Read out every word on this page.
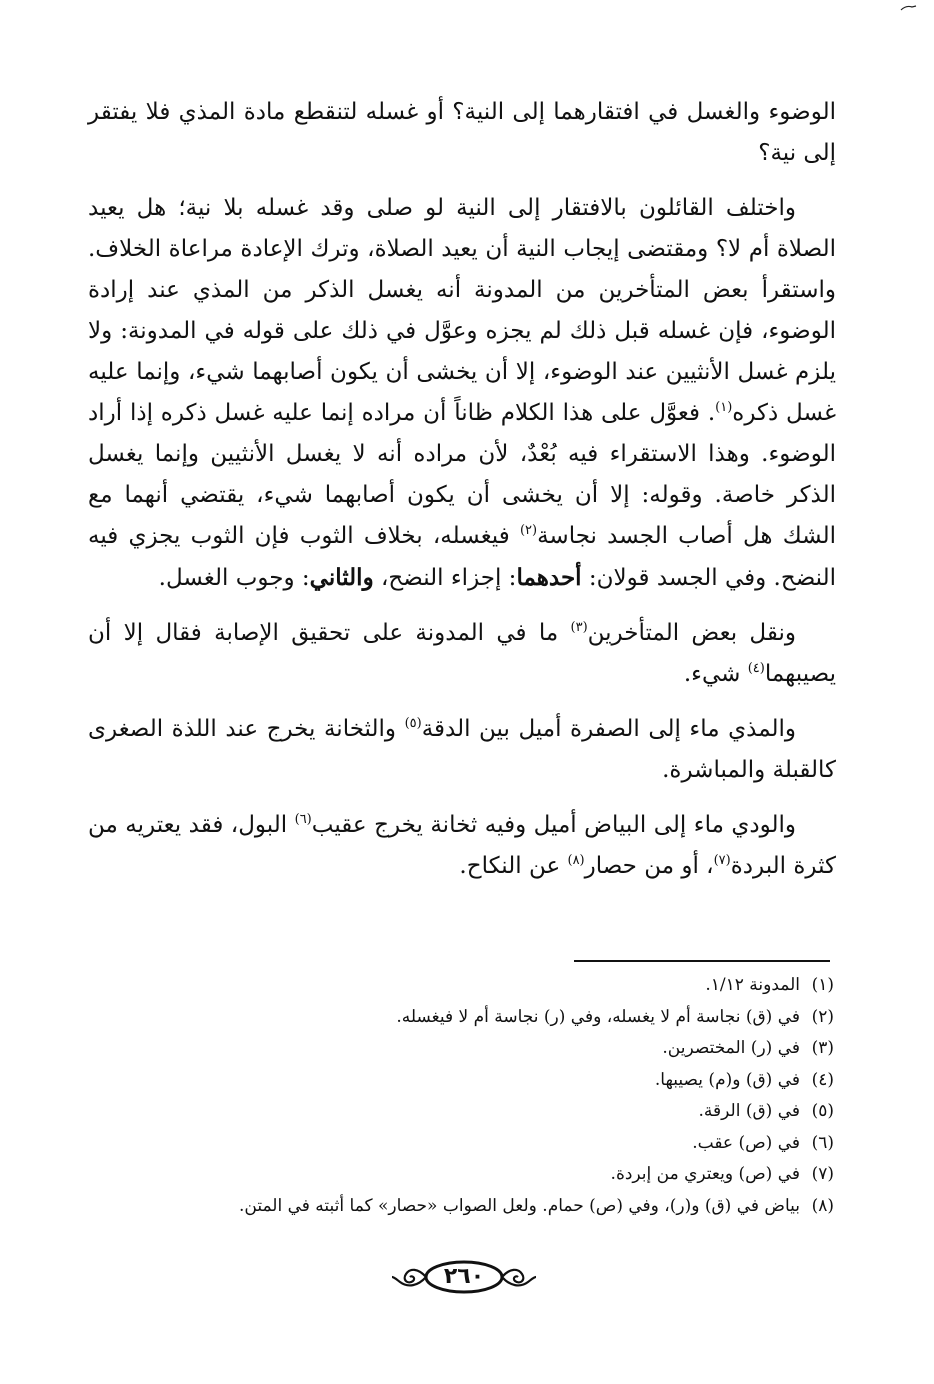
الوضوء والغسل في افتقارهما إلى النية؟ أو غسله لتنقطع مادة المذي فلا يفتقر إلى نية؟

واختلف القائلون بالافتقار إلى النية لو صلى وقد غسله بلا نية؛ هل يعيد الصلاة أم لا؟ ومقتضى إيجاب النية أن يعيد الصلاة، وترك الإعادة مراعاة الخلاف. واستقرأ بعض المتأخرين من المدونة أنه يغسل الذكر من المذي عند إرادة الوضوء، فإن غسله قبل ذلك لم يجزه وعوَّل في ذلك على قوله في المدونة: ولا يلزم غسل الأنثيين عند الوضوء، إلا أن يخشى أن يكون أصابهما شيء، وإنما عليه غسل ذكره$^{(١)}$. فعوَّل على هذا الكلام ظاناً أن مراده إنما عليه غسل ذكره إذا أراد الوضوء. وهذا الاستقراء فيه بُعْدٌ، لأن مراده أنه لا يغسل الأنثيين وإنما يغسل الذكر خاصة. وقوله: إلا أن يخشى أن يكون أصابهما شيء، يقتضي أنهما مع الشك هل أصاب الجسد نجاسة$^{(٢)}$ فيغسله، بخلاف الثوب فإن الثوب يجزي فيه النضح. وفي الجسد قولان: أحدهما: إجزاء النضح، والثاني: وجوب الغسل.

ونقل بعض المتأخرين$^{(٣)}$ ما في المدونة على تحقيق الإصابة فقال إلا أن يصيبهما$^{(٤)}$ شيء.

والمذي ماء إلى الصفرة أميل بين الدقة$^{(٥)}$ والثخانة يخرج عند اللذة الصغرى كالقبلة والمباشرة.

والودي ماء إلى البياض أميل وفيه ثخانة يخرج عقيب$^{(٦)}$ البول، فقد يعتريه من كثرة البردة$^{(٧)}$، أو من حصار$^{(٨)}$ عن النكاح.

(١)المدونة ١/١٢.
(٢)في (ق) نجاسة أم لا يغسله، وفي (ر) نجاسة أم لا فيغسله.
(٣)في (ر) المختصرين.
(٤)في (ق) و(م) يصيبها.
(٥)في (ق) الرقة.
(٦)في (ص) عقب.
(٧)في (ص) ويعتري من إبردة.
(٨)بياض في (ق) و(ر)، وفي (ص) حمام. ولعل الصواب «حصار» كما أثبته في المتن.
٢٦٠
